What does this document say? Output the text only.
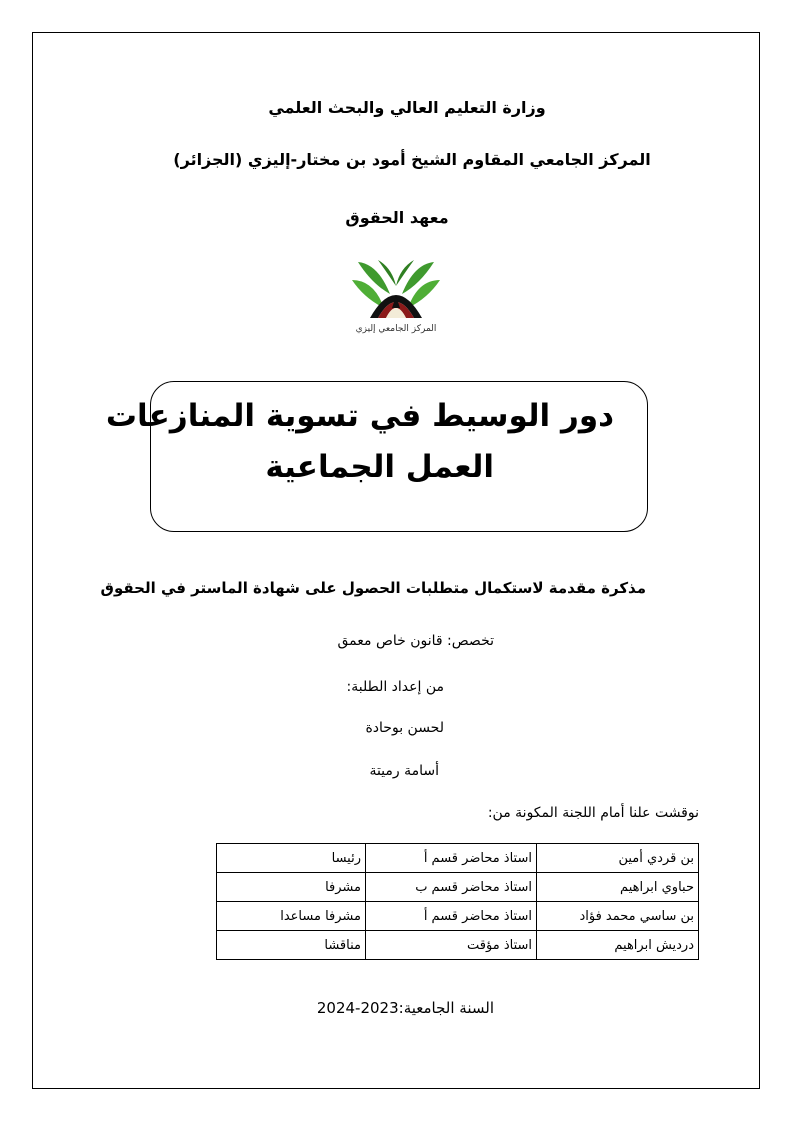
وزارة التعليم العالي والبحث العلمي
المركز الجامعي المقاوم الشيخ أمود بن مختار-إليزي (الجزائر)
معهد الحقوق
المركز الجامعي إليزي
دور الوسيط في تسوية المنازعات
العمل الجماعية
مذكرة مقدمة لاستكمال متطلبات الحصول على شهادة الماستر في الحقوق
تخصص: قانون خاص معمق
من إعداد الطلبة:
لحسن بوحادة
أسامة رميتة
نوقشت علنا أمام اللجنة المكونة من:
بن قردي أمين	استاذ محاضر قسم أ	رئيسا
حباوي ابراهيم	استاذ محاضر قسم ب	مشرفا
بن ساسي محمد فؤاد	استاذ محاضر قسم أ	مشرفا مساعدا
درديش ابراهيم	استاذ مؤقت	مناقشا
السنة الجامعية:2023-2024
